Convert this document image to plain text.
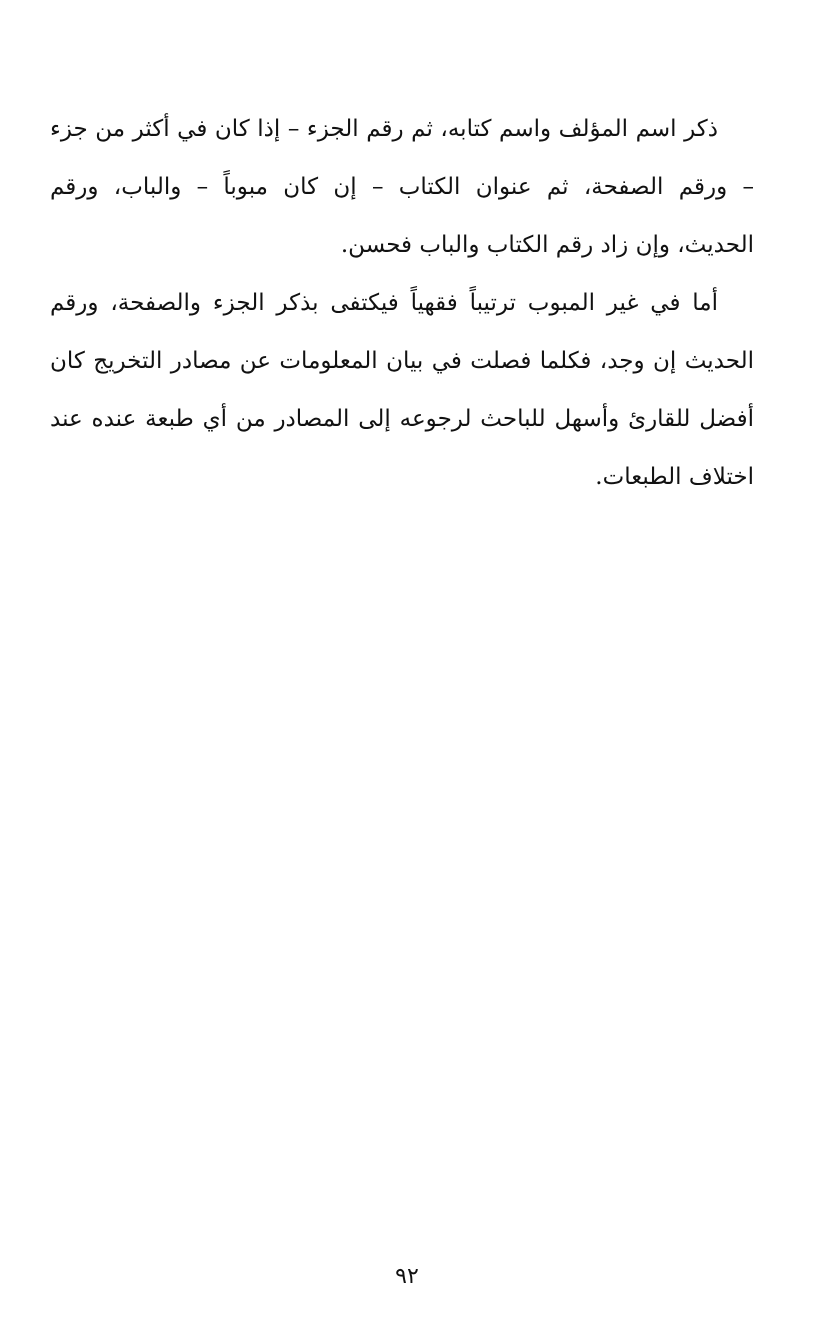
ذكر اسم المؤلف واسم كتابه، ثم رقم الجزء – إذا كان في أكثر من جزء
– ورقم الصفحة، ثم عنوان الكتاب – إن كان مبوباً – والباب، ورقم
الحديث، وإن زاد رقم الكتاب والباب فحسن.
أما في غير المبوب ترتيباً فقهياً فيكتفى بذكر الجزء والصفحة، ورقم
الحديث إن وجد، فكلما فصلت في بيان المعلومات عن مصادر التخريج كان
أفضل للقارئ وأسهل للباحث لرجوعه إلى المصادر من أي طبعة عنده عند
اختلاف الطبعات.
٩٢
